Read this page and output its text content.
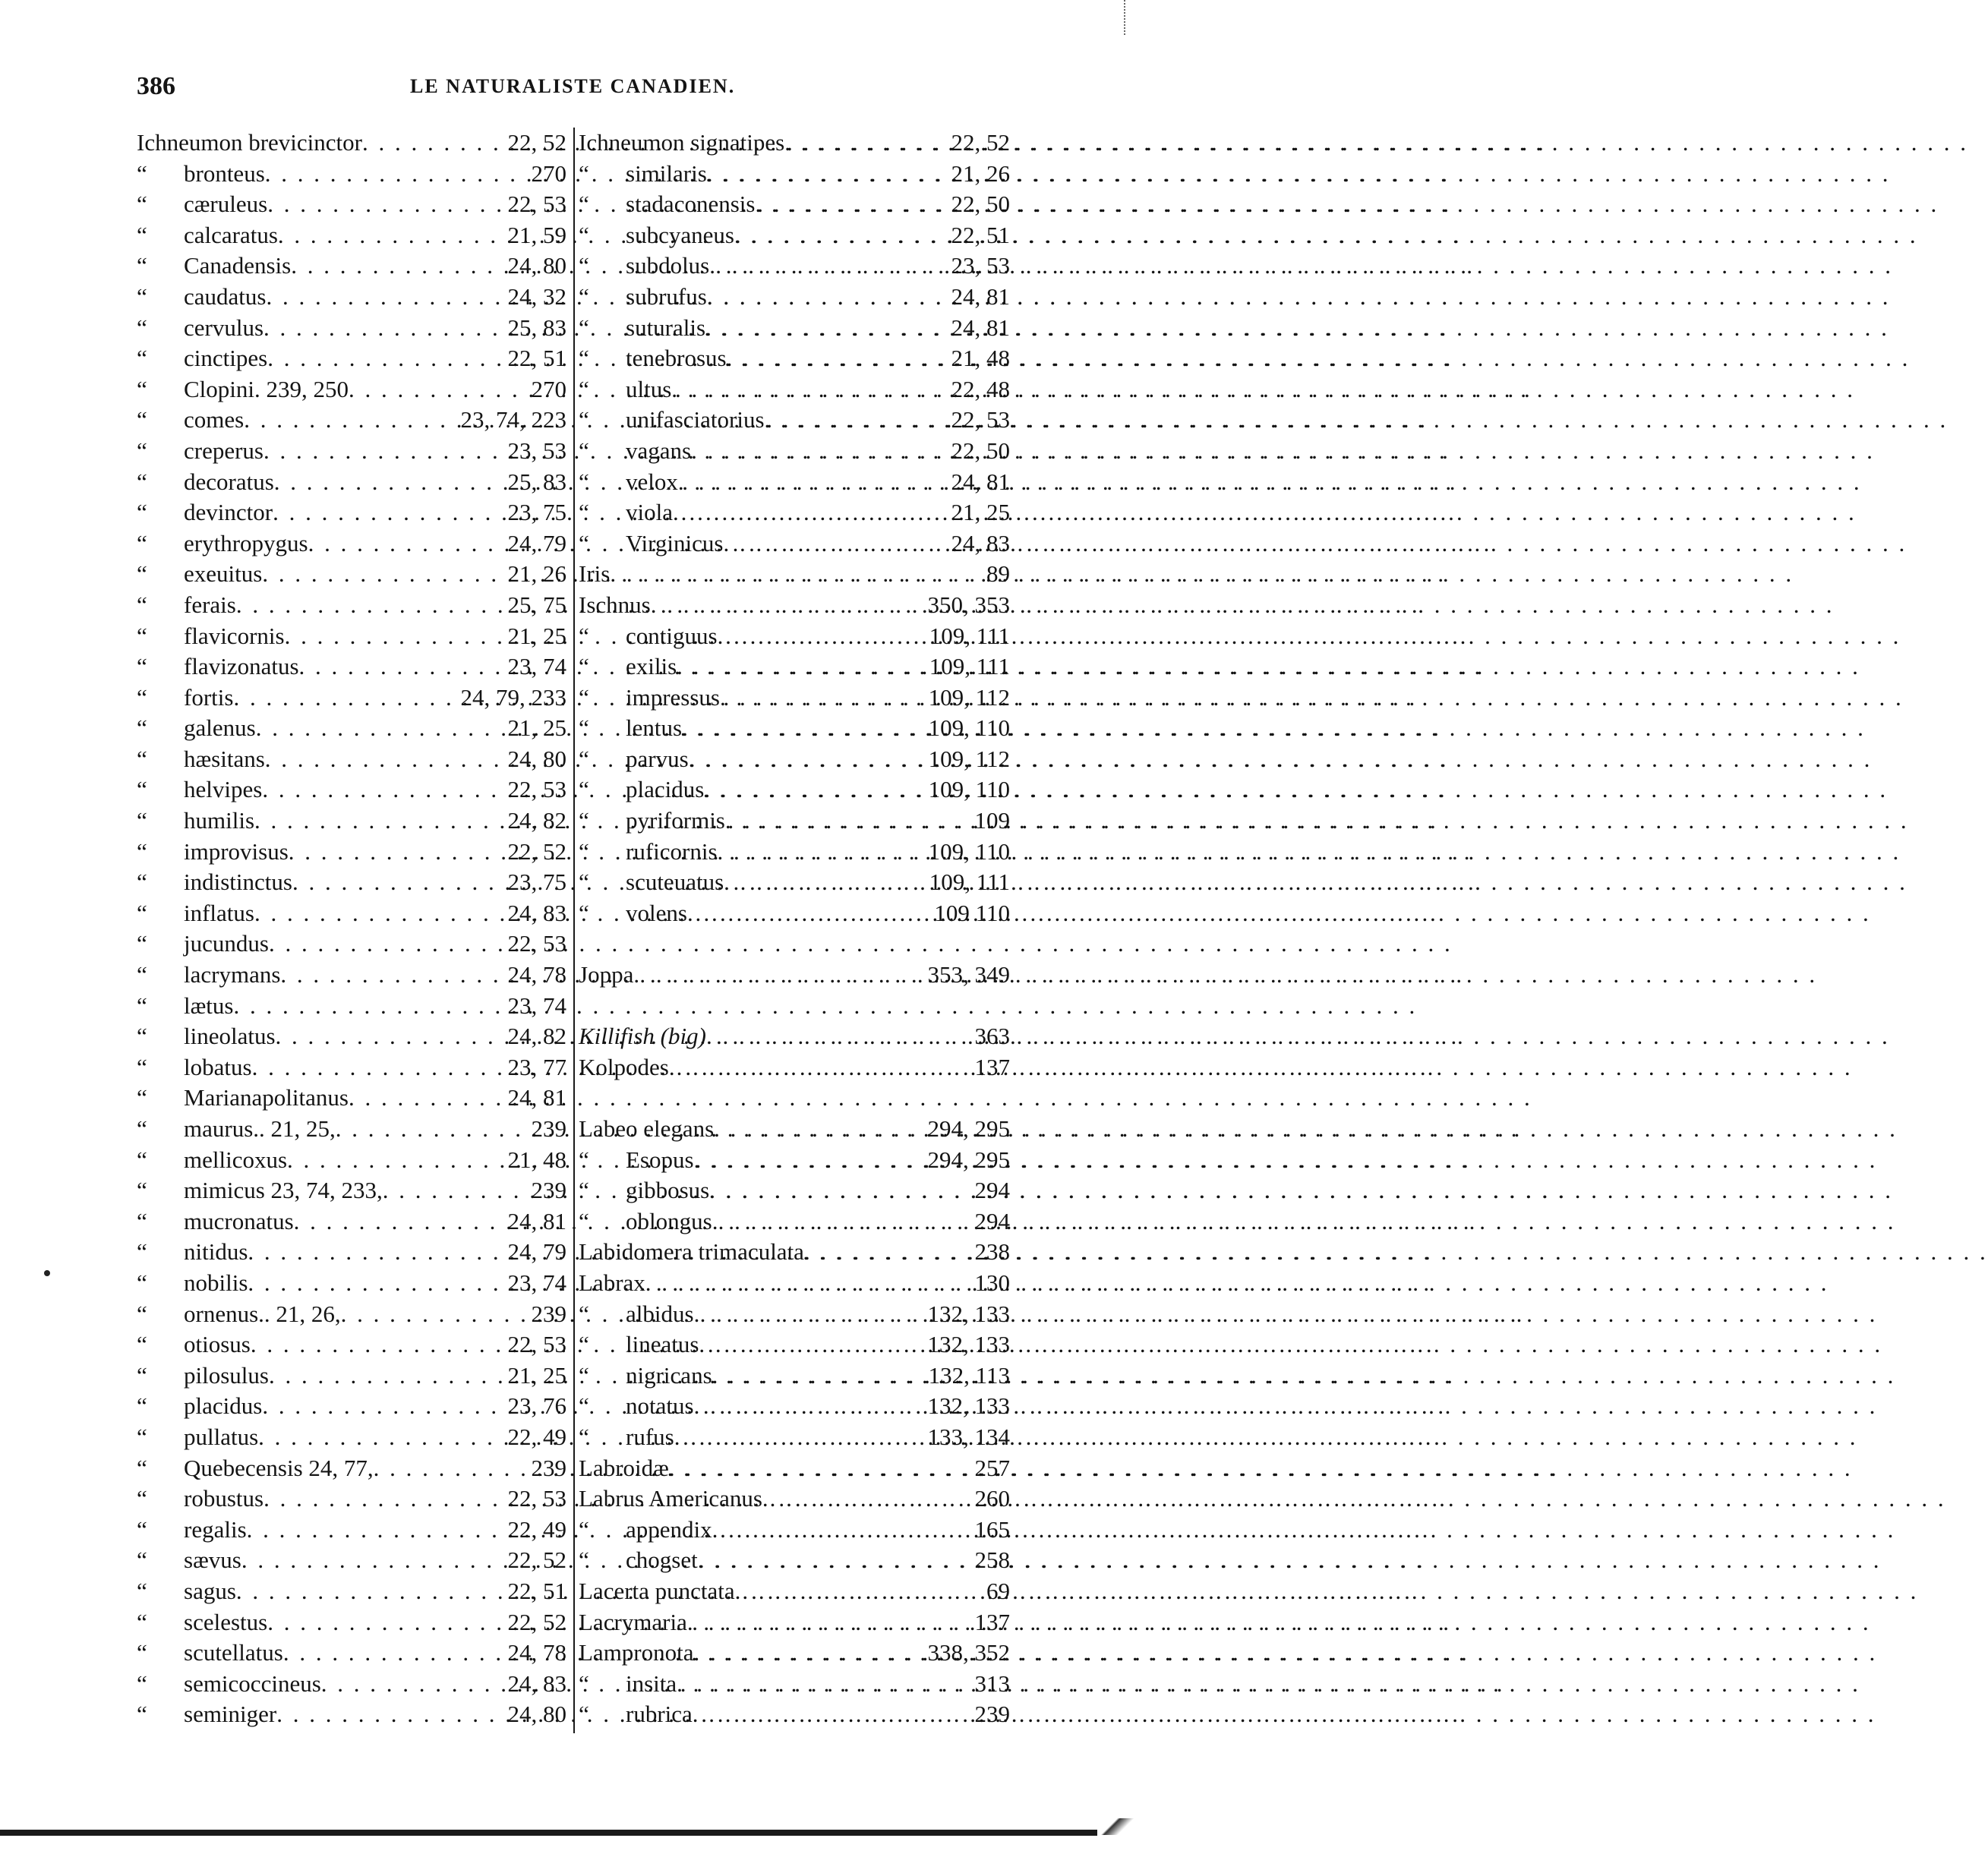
386	LE NATURALISTE CANADIEN.
Ichneumon brevicinctor . . .	22, 52
“	bronteus . . .	270
“	cæruleus . . .	22, 53
“	calcaratus . . .	21, 59
“	Canadensis . . .	24, 80
“	caudatus . . .	24, 32
“	cervulus . . .	25, 83
“	cinctipes . . .	22, 51
“	Clopini. 239, 250 . . .	270
“	comes . . .	23, 74, 223
“	creperus . . .	23, 53
“	decoratus . . .	25, 83
“	devinctor . . .	23, 75
“	erythropygus . . .	24, 79
“	exeuitus . . .	21, 26
“	ferais . . .	25, 75
“	flavicornis . . .	21, 25
“	flavizonatus . . .	23, 74
“	fortis . . .	24, 79, 233
“	galenus . . .	21, 25
“	hæsitans . . .	24, 80
“	helvipes . . .	22, 53
“	humilis . . .	24, 82
“	improvisus . . .	22, 52
“	indistinctus . . .	23, 75
“	inflatus . . .	24, 83
“	jucundus . . .	22, 53
“	lacrymans . . .	24, 78
“	lætus . . .	23, 74
“	lineolatus . . .	24, 82
“	lobatus . . .	23, 77
“	Marianapolitanus . . .	24, 81
“	maurus.. 21, 25, . . .	239
“	mellicoxus . . .	21, 48
“	mimicus 23, 74, 233, . . .	239
“	mucronatus . . .	24, 81
“	nitidus . . .	24, 79
“	nobilis . . .	23, 74
“	ornenus.. 21, 26, . . .	239
“	otiosus . . .	22, 53
“	pilosulus . . .	21, 25
“	placidus . . .	23, 76
“	pullatus . . .	22, 49
“	Quebecensis 24, 77, . . .	239
“	robustus . . .	22, 53
“	regalis . . .	22, 49
“	sævus . . .	22, 52
“	sagus . . .	22, 51
“	scelestus . . .	22, 52
“	scutellatus . . .	24, 78
“	semicoccineus . . .	24, 83
“	seminiger . . .	24, 80
Ichneumon signatipes . . .	22, 52
“	similaris . . .	21, 26
“	stadaconensis . . .	22, 50
“	subcyaneus . . .	22, 51
“	subdolus . . .	23, 53
“	subrufus . . .	24, 81
“	suturalis . . .	24, 81
“	tenebrosus . . .	21, 48
“	ultus . . .	22, 48
“	unifasciatorius . . .	22, 53
“	vagans . . .	22, 50
“	velox . . .	24, 81
“	viola . . .	21, 25
“	Virginicus . . .	24, 83
Iris . . .	89
Ischnus . . .	350, 353
“	contiguus . . .	109, 111
“	exilis . . .	109, 111
“	impressus . . .	109, 112
“	lentus . . .	109, 110
“	parvus . . .	109, 112
“	placidus . . .	109, 110
“	pyriformis . . .	109
“	ruficornis . . .	109, 110
“	scuteuatus . . .	109, 111
“	volens . . .	109 110
Joppa . . .	353, 349
Killifish (big) . . .	363
Kolpodes . . .	137
Labeo elegans . . .	294, 295
“	Esopus . . .	294, 295
“	gibbosus . . .	294
“	oblongus . . .	294
Labidomera trimaculata . . .	238
Labrax . . .	130
“	albidus . . .	132, 133
“	lineatus . . .	132, 133
“	nigricans . . .	132, 113
“	notatus . . .	132, 133
“	rufus . . .	133, 134
Labroidæ . . .	257
Labrus Americanus . . .	260
“	appendix . . .	165
“	chogset . . .	258
Lacerta punctata . . .	69
Lacrymaria . . .	137
Lampronota . . .	338, 352
“	insita . . .	313
“	rubrica . . .	239
